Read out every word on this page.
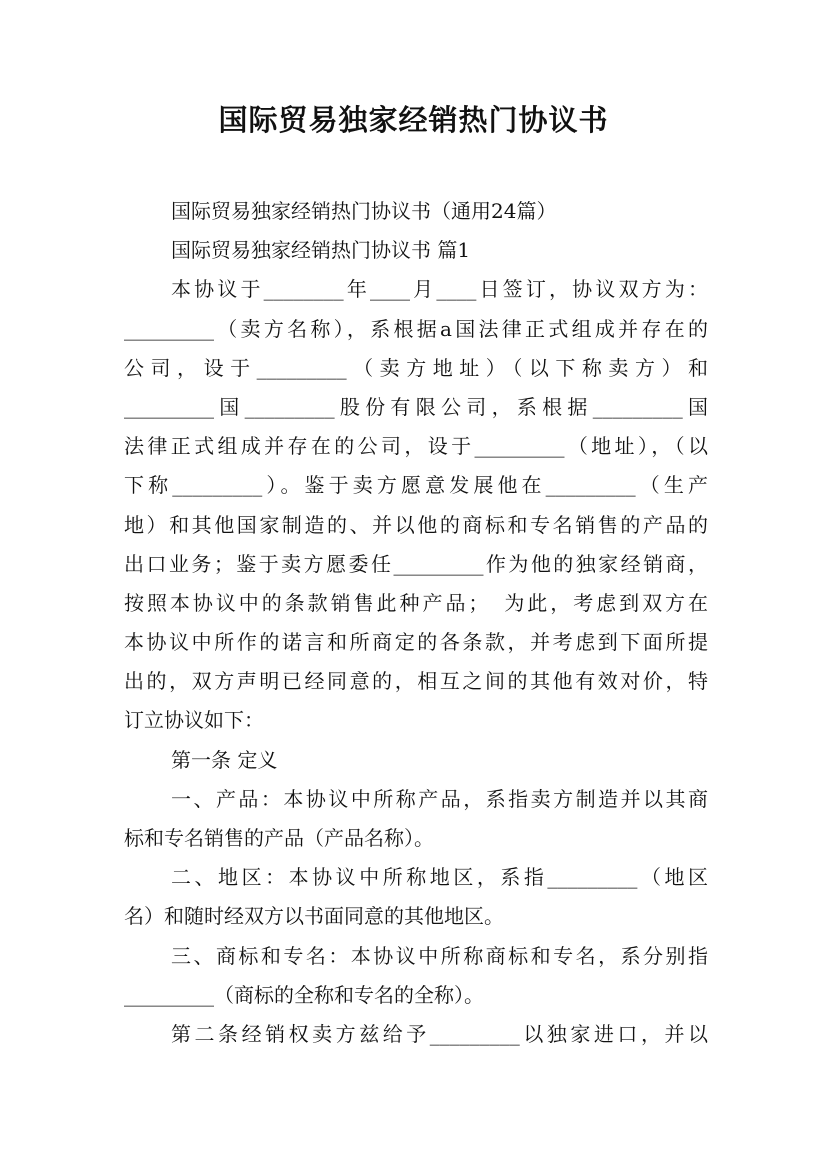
国际贸易独家经销热门协议书
国际贸易独家经销热门协议书（通用24篇）
国际贸易独家经销热门协议书 篇1
本协议于________年____月____日签订，协议双方为：
_________（卖方名称），系根据a国法律正式组成并存在的
公司，设于_________（卖方地址）（以下称卖方）和
_________国_________股份有限公司，系根据_________国
法律正式组成并存在的公司，设于_________（地址），（以
下称_________）。鉴于卖方愿意发展他在_________（生产
地）和其他国家制造的、并以他的商标和专名销售的产品的
出口业务；鉴于卖方愿委任_________作为他的独家经销商，
按照本协议中的条款销售此种产品；　为此，考虑到双方在
本协议中所作的诺言和所商定的各条款，并考虑到下面所提
出的，双方声明已经同意的，相互之间的其他有效对价，特
订立协议如下：
第一条 定义
一、产品：本协议中所称产品，系指卖方制造并以其商
标和专名销售的产品（产品名称）。
二、地区：本协议中所称地区，系指_________（地区
名）和随时经双方以书面同意的其他地区。
三、商标和专名：本协议中所称商标和专名，系分别指
_________（商标的全称和专名的全称）。
第二条经销权卖方兹给予_________以独家进口，并以
